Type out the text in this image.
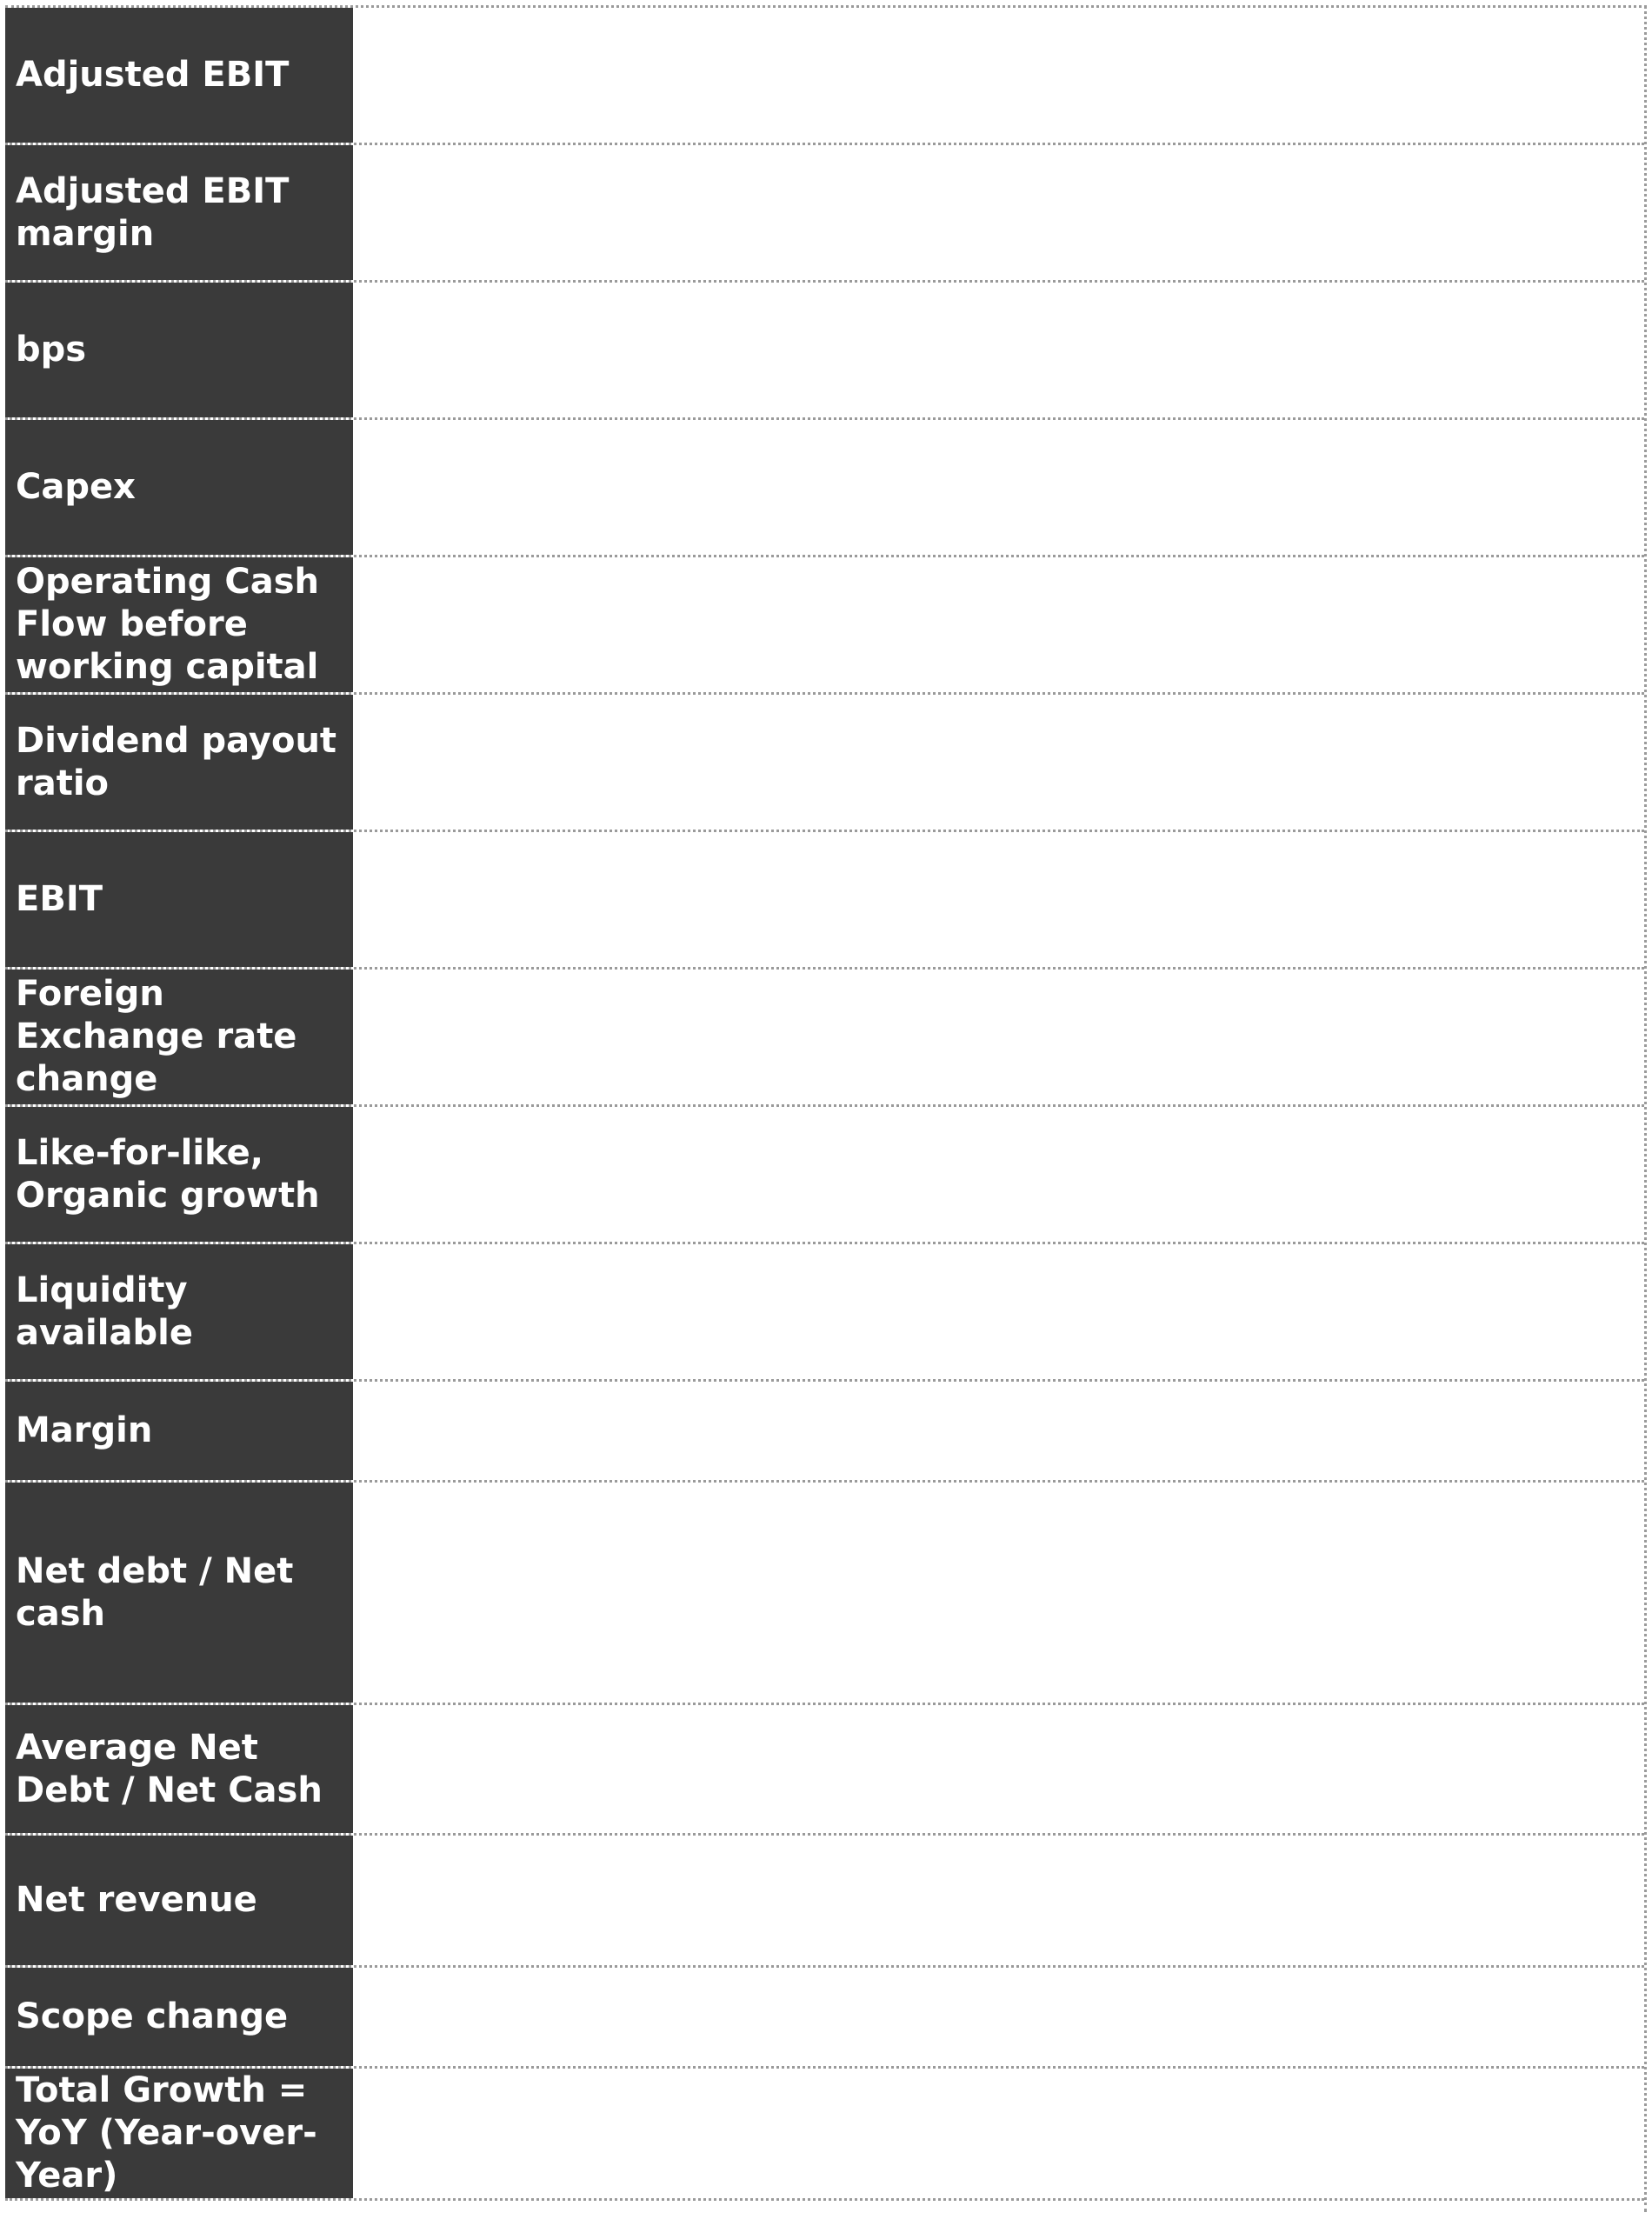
Adjusted EBIT
Adjusted EBIT margin
bps
Capex
Operating Cash Flow before working capital
Dividend payout ratio
EBIT
Foreign Exchange rate change
Like-for-like, Organic growth
Liquidity available
Margin
Net debt / Net cash
Average Net Debt / Net Cash
Net revenue
Scope change
Total Growth = YoY (Year-over-Year)
